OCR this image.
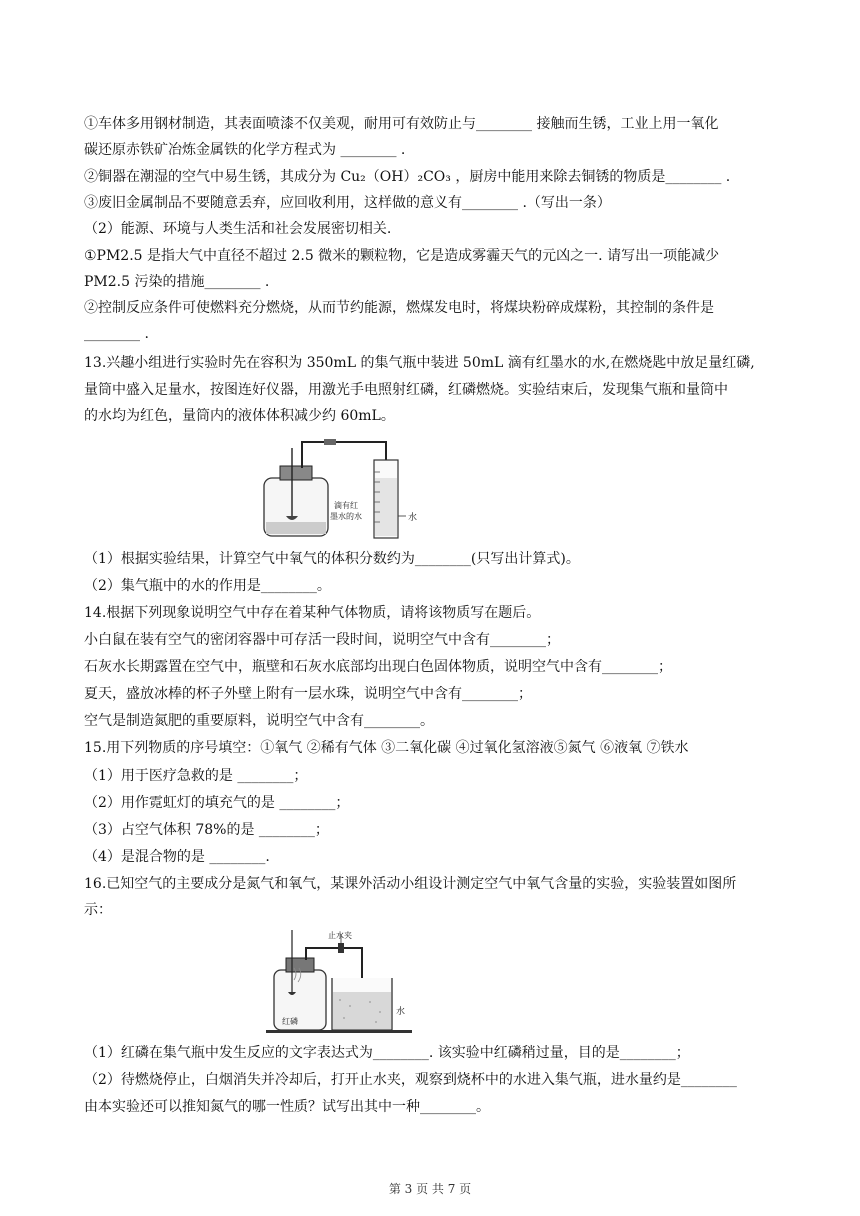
①车体多用钢材制造，其表面喷漆不仅美观，耐用可有效防止与________ 接触而生锈，工业上用一氧化
碳还原赤铁矿冶炼金属铁的化学方程式为 ________ .
②铜器在潮湿的空气中易生锈，其成分为 Cu₂（OH）₂CO₃ ，厨房中能用来除去铜锈的物质是________ .
③废旧金属制品不要随意丢弃，应回收利用，这样做的意义有________ .（写出一条）
（2）能源、环境与人类生活和社会发展密切相关.
①PM2.5 是指大气中直径不超过 2.5 微米的颗粒物，它是造成雾霾天气的元凶之一. 请写出一项能减少
PM2.5 污染的措施________ .
②控制反应条件可使燃料充分燃烧，从而节约能源，燃煤发电时，将煤块粉碎成煤粉，其控制的条件是
________ .
13.兴趣小组进行实验时先在容积为 350mL 的集气瓶中装进 50mL 滴有红墨水的水,在燃烧匙中放足量红磷,
量筒中盛入足量水，按图连好仪器，用激光手电照射红磷，红磷燃烧。实验结束后，发现集气瓶和量筒中
的水均为红色，量筒内的液体体积减少约 60mL。
滴有红
墨水的水	水
（1）根据实验结果，计算空气中氧气的体积分数约为________(只写出计算式)。
（2）集气瓶中的水的作用是________。
14.根据下列现象说明空气中存在着某种气体物质，请将该物质写在题后。
小白鼠在装有空气的密闭容器中可存活一段时间，说明空气中含有________；
石灰水长期露置在空气中，瓶壁和石灰水底部均出现白色固体物质，说明空气中含有________；
夏天，盛放冰棒的杯子外壁上附有一层水珠，说明空气中含有________；
空气是制造氮肥的重要原料，说明空气中含有________。
15.用下列物质的序号填空：①氧气 ②稀有气体 ③二氧化碳 ④过氧化氢溶液⑤氮气 ⑥液氧 ⑦铁水
（1）用于医疗急救的是 ________；
（2）用作霓虹灯的填充气的是 ________；
（3）占空气体积 78%的是 ________；
（4）是混合物的是 ________.
16.已知空气的主要成分是氮气和氧气，某课外活动小组设计测定空气中氧气含量的实验，实验装置如图所
示：
止水夹
红磷
水
（1）红磷在集气瓶中发生反应的文字表达式为________. 该实验中红磷稍过量，目的是________；
（2）待燃烧停止，白烟消失并冷却后，打开止水夹，观察到烧杯中的水进入集气瓶，进水量约是________
由本实验还可以推知氮气的哪一性质？试写出其中一种________。
第 3 页 共 7 页
